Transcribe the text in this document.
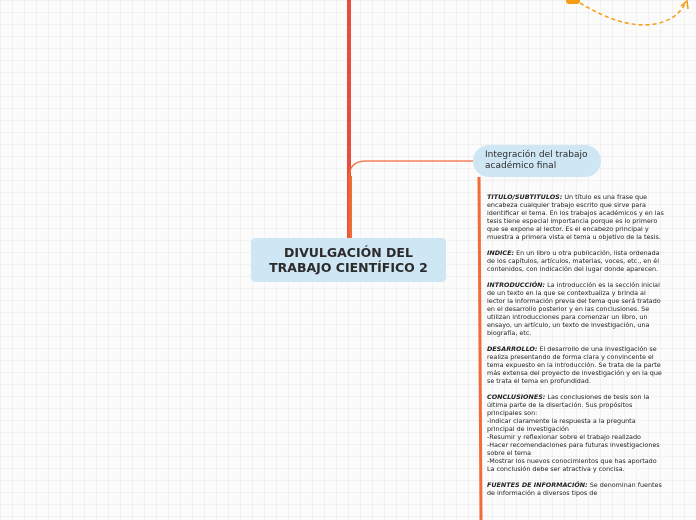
DIVULGACIÓN DEL
TRABAJO CIENTÍFICO 2
Integración del trabajo
académico final

TITULO/SUBTITULOS: Un título es una frase que encabeza cualquier trabajo escrito que sirve para identificar el tema. En los trabajos académicos y en las tesis tiene especial importancia porque es lo primero que se expone al lector. Es el encabezo principal y muestra a primera vista el tema u objetivo de la tesis.

INDICE: En un libro u otra publicación, lista ordenada de los capítulos, artículos, materias, voces, etc., en él contenidos, con indicación del lugar donde aparecen.

INTRODUCCIÓN: La introducción es la sección inicial de un texto en la que se contextualiza y brinda al lector la información previa del tema que será tratado en el desarrollo posterior y en las conclusiones. Se utilizan introducciones para comenzar un libro, un ensayo, un artículo, un texto de investigación, una biografía, etc.

DESARROLLO: El desarrollo de una investigación se realiza presentando de forma clara y convincente el tema expuesto en la introducción. Se trata de la parte más extensa del proyecto de investigación y en la que se trata el tema en profundidad.

CONCLUSIONES: Las conclusiones de tesis son la última parte de la disertación. Sus propósitos principales son:
-Indicar claramente la respuesta a la pregunta principal de investigación
-Resumir y reflexionar sobre el trabajo realizado
-Hacer recomendaciones para futuras investigaciones sobre el tema
-Mostrar los nuevos conocimientos que has aportado
La conclusión debe ser atractiva y concisa.

FUENTES DE INFORMACIÓN: Se denominan fuentes de información a diversos tipos de
